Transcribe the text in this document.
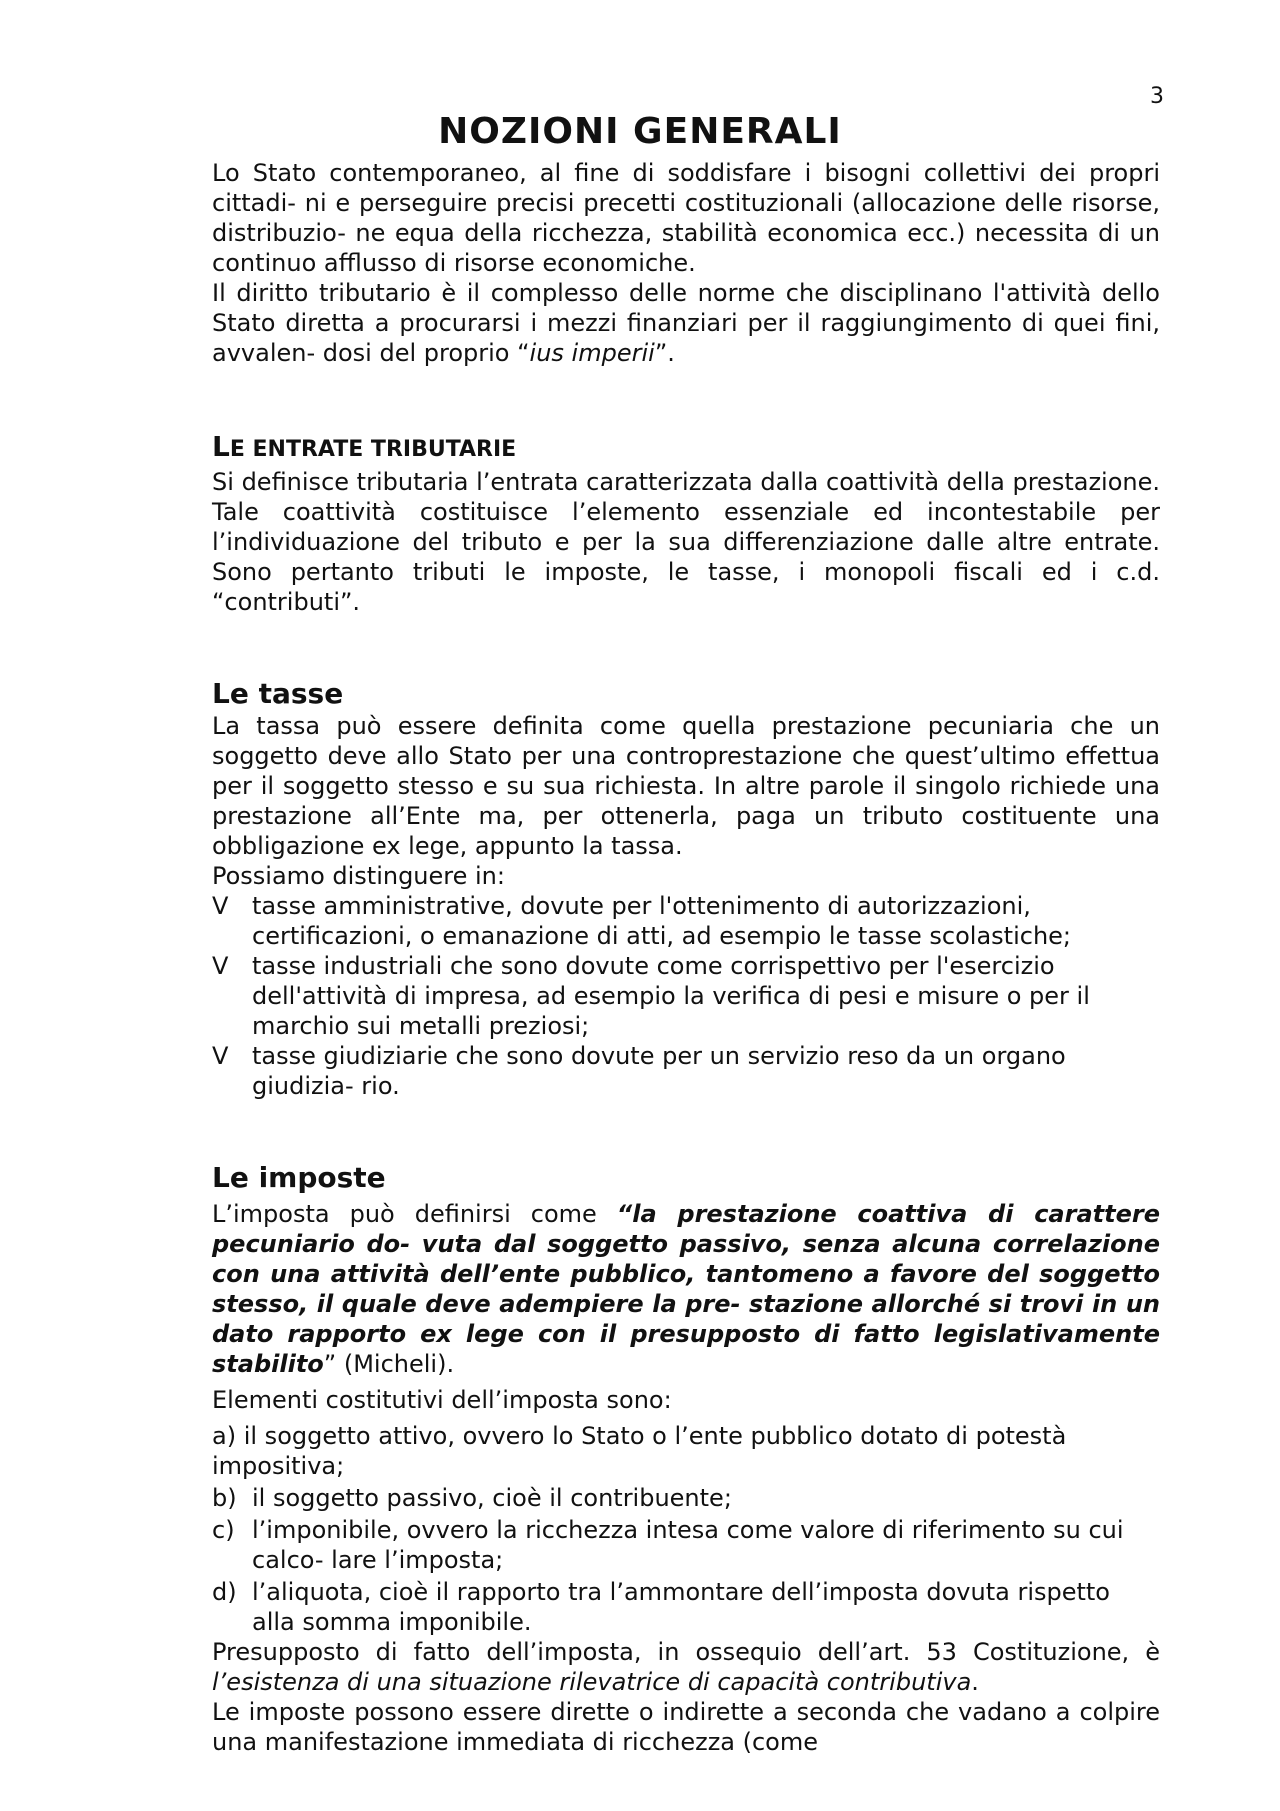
3
NOZIONI GENERALI

Lo Stato contemporaneo, al fine di soddisfare i bisogni collettivi dei propri cittadi- ni e perseguire precisi precetti costituzionali (allocazione delle risorse, distribuzio- ne equa della ricchezza, stabilità economica ecc.) necessita di un continuo afflusso di risorse economiche.

Il diritto tributario è il complesso delle norme che disciplinano l'attività dello Stato diretta a procurarsi i mezzi finanziari per il raggiungimento di quei fini, avvalen- dosi del proprio “ius imperii”.

LE ENTRATE TRIBUTARIE

Si definisce tributaria l’entrata caratterizzata dalla coattività della prestazione. Tale coattività costituisce l’elemento essenziale ed incontestabile per l’individuazione del tributo e per la sua differenziazione dalle altre entrate. Sono pertanto tributi le imposte, le tasse, i monopoli fiscali ed i c.d. “contributi”.

Le tasse

La tassa può essere definita come quella prestazione pecuniaria che un soggetto deve allo Stato per una controprestazione che quest’ultimo effettua per il soggetto stesso e su sua richiesta. In altre parole il singolo richiede una prestazione all’Ente ma, per ottenerla, paga un tributo costituente una obbligazione ex lege, appunto la tassa.

Possiamo distinguere in:

V tasse amministrative, dovute per l'ottenimento di autorizzazioni, certificazioni, o emanazione di atti, ad esempio le tasse scolastiche;
V tasse industriali che sono dovute come corrispettivo per l'esercizio dell'attività di impresa, ad esempio la verifica di pesi e misure o per il marchio sui metalli preziosi;
V tasse giudiziarie che sono dovute per un servizio reso da un organo giudizia- rio.
Le imposte

L’imposta può definirsi come “la prestazione coattiva di carattere pecuniario do- vuta dal soggetto passivo, senza alcuna correlazione con una attività dell’ente pubblico, tantomeno a favore del soggetto stesso, il quale deve adempiere la pre- stazione allorché si trovi in un dato rapporto ex lege con il presupposto di fatto legislativamente stabilito” (Micheli).

Elementi costitutivi dell’imposta sono:

a) il soggetto attivo, ovvero lo Stato o l’ente pubblico dotato di potestà impositiva;
b) il soggetto passivo, cioè il contribuente;
c) l’imponibile, ovvero la ricchezza intesa come valore di riferimento su cui calco- lare l’imposta;
d) l’aliquota, cioè il rapporto tra l’ammontare dell’imposta dovuta rispetto alla somma imponibile.

Presupposto di fatto dell’imposta, in ossequio dell’art. 53 Costituzione, è l’esistenza di una situazione rilevatrice di capacità contributiva.

Le imposte possono essere dirette o indirette a seconda che vadano a colpire una manifestazione immediata di ricchezza (come
